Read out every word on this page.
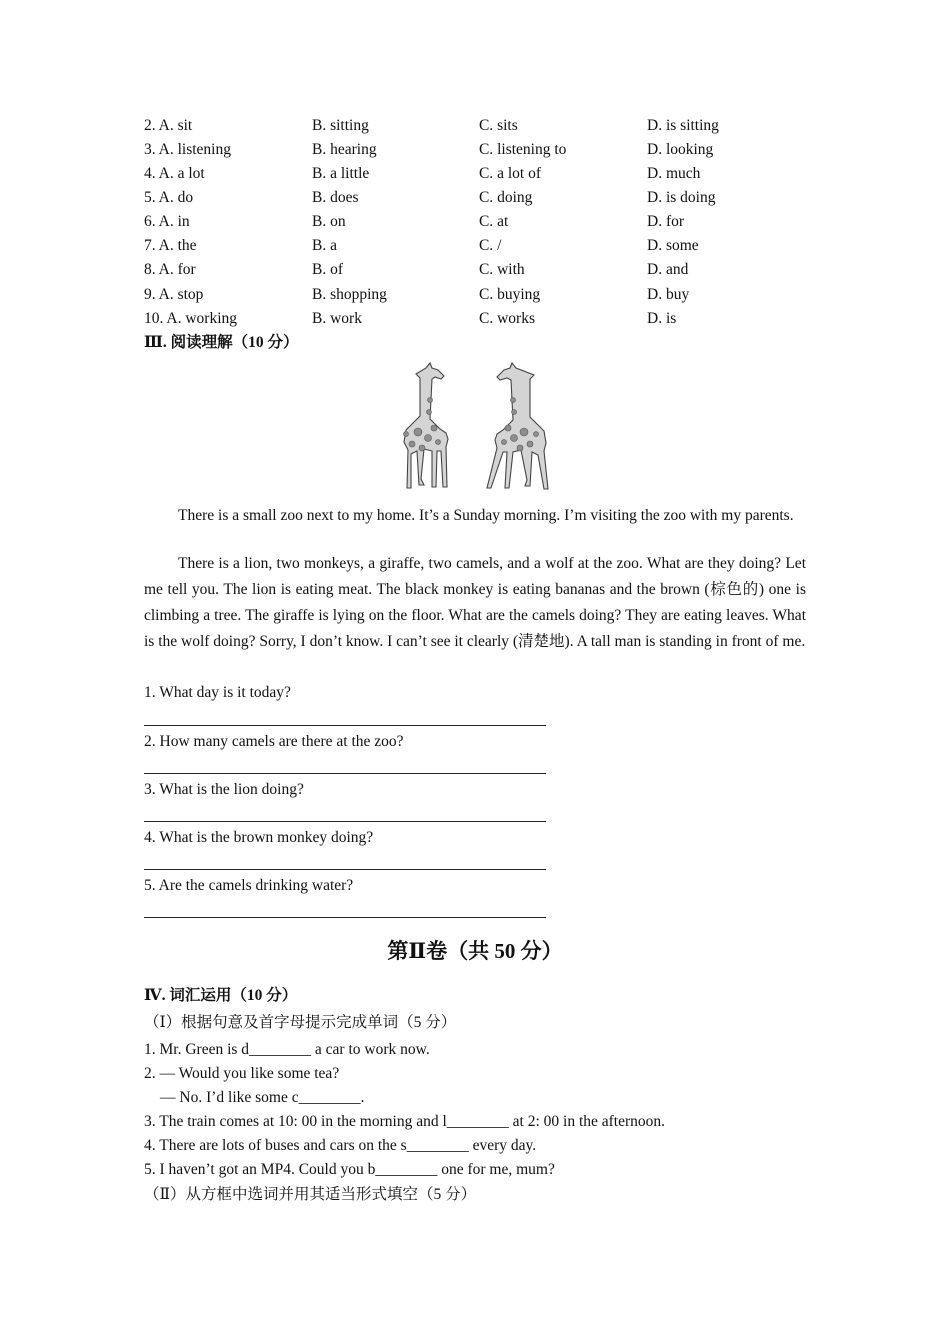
2. A. sit	B. sitting	C. sits	D. is sitting
3. A. listening	B. hearing	C. listening to	D. looking
4. A. a lot	B. a little	C. a lot of	D. much
5. A. do	B. does	C. doing	D. is doing
6. A. in	B. on	C. at	D. for
7. A. the	B. a	C. /	D. some
8. A. for	B. of	C. with	D. and
9. A. stop	B. shopping	C. buying	D. buy
10. A. working	B. work	C. works	D. is
Ⅲ. 阅读理解（10 分）
There is a small zoo next to my home. It’s a Sunday morning. I’m visiting the zoo with my parents.
There is a lion, two monkeys, a giraffe, two camels, and a wolf at the zoo. What are they doing? Let me tell you. The lion is eating meat. The black monkey is eating bananas and the brown (棕色的) one is climbing a tree. The giraffe is lying on the floor. What are the camels doing? They are eating leaves. What is the wolf doing? Sorry, I don’t know. I can’t see it clearly (清楚地). A tall man is standing in front of me.
1. What day is it today?
2. How many camels are there at the zoo?
3. What is the lion doing?
4. What is the brown monkey doing?
5. Are the camels drinking water?
第Ⅱ卷（共 50 分）
Ⅳ. 词汇运用（10 分）
（Ⅰ）根据句意及首字母提示完成单词（5 分）
1. Mr. Green is d________ a car to work now.
2. — Would you like some tea?
— No. I’d like some c________.
3. The train comes at 10: 00 in the morning and l________ at 2: 00 in the afternoon.
4. There are lots of buses and cars on the s________ every day.
5. I haven’t got an MP4. Could you b________ one for me, mum?
（Ⅱ）从方框中选词并用其适当形式填空（5 分）
